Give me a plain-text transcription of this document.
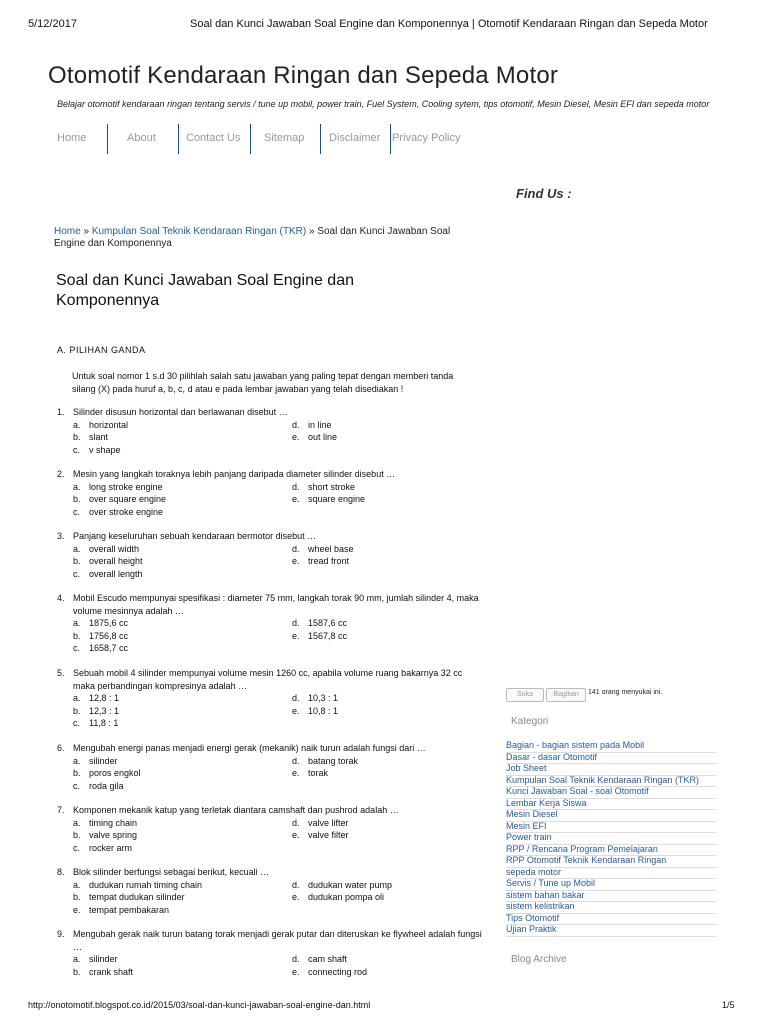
5/12/2017	Soal dan Kunci Jawaban Soal Engine dan Komponennya | Otomotif Kendaraan Ringan dan Sepeda Motor
Otomotif Kendaraan Ringan dan Sepeda Motor
Belajar otomotif kendaraan ringan tentang servis / tune up mobil, power train, Fuel System, Cooling sytem, tips otomotif, Mesin Diesel, Mesin EFI dan sepeda motor
Home	About	Contact Us Sitemap Disclaimer Privacy Policy
Find Us :
Home » Kumpulan Soal Teknik Kendaraan Ringan (TKR) » Soal dan Kunci Jawaban Soal Engine dan Komponennya
Soal dan Kunci Jawaban Soal Engine dan Komponennya
A. PILIHAN GANDA
Untuk soal nomor 1 s.d 30 pilihlah salah satu jawaban yang paling tepat dengan memberi tanda silang (X) pada huruf a, b, c, d atau e pada lembar jawaban yang telah disediakan !
1. Silinder disusun horizontal dan berlawanan disebut …
a. horizontal
b. slant
c. v shape
d. in line
e. out line
2. Mesin yang langkah toraknya lebih panjang daripada diameter silinder disebut …
a. long stroke engine
b. over square engine
c. over stroke engine
d. short stroke
e. square engine
3. Panjang keseluruhan sebuah kendaraan bermotor disebut …
a. overall width
b. overall height
c. overall length
d. wheel base
e. tread front
4. Mobil Escudo mempunyai spesifikasi : diameter 75 mm, langkah torak 90 mm, jumlah silinder 4, maka volume mesinnya adalah …
a. 1875,6 cc
b. 1756,8 cc
c. 1658,7 cc
d. 1587,6 cc
e. 1567,8 cc
5. Sebuah mobil 4 silinder mempunyai volume mesin 1260 cc, apabila volume ruang bakarnya 32 cc maka perbandingan kompresinya adalah …
a. 12,8 : 1
b. 12,3 : 1
c. 11,8 : 1
d. 10,3 : 1
e. 10,8 : 1
6. Mengubah energi panas menjadi energi gerak (mekanik) naik turun adalah fungsi dari …
a. silinder
b. poros engkol
c. roda gila
d. batang torak
e. torak
7. Komponen mekanik katup yang terletak diantara camshaft dan pushrod adalah …
a. timing chain
b. valve spring
c. rocker arm
d. valve lifter
e. valve filter
8. Blok silinder berfungsi sebagai berikut, kecuali …
a. dudukan rumah timing chain
b. tempat dudukan silinder
e. tempat pembakaran
d. dudukan water pump
e. dudukan pompa oli
9. Mengubah gerak naik turun batang torak menjadi gerak putar dan diteruskan ke flywheel adalah fungsi …
a. silinder
b. crank shaft
d. cam shaft
e. connecting rod
Suka	Bagikan	141 orang menyukai ini.
Kategori
Bagian - bagian sistem pada Mobil
Dasar - dasar Otomotif
Job Sheet
Kumpulan Soal Teknik Kendaraan Ringan (TKR)
Kunci Jawaban Soal - soal Otomotif
Lembar Kerja Siswa
Mesin Diesel
Mesin EFI
Power train
RPP / Rencana Program Pemelajaran
RPP Otomotif Teknik Kendaraan Ringan
sepeda motor
Servis / Tune up Mobil
sistem bahan bakar
sistem kelistrikan
Tips Otomotif
Ujian Praktik
Blog Archive
http://onotomotif.blogspot.co.id/2015/03/soal-dan-kunci-jawaban-soal-engine-dan.html	1/5
